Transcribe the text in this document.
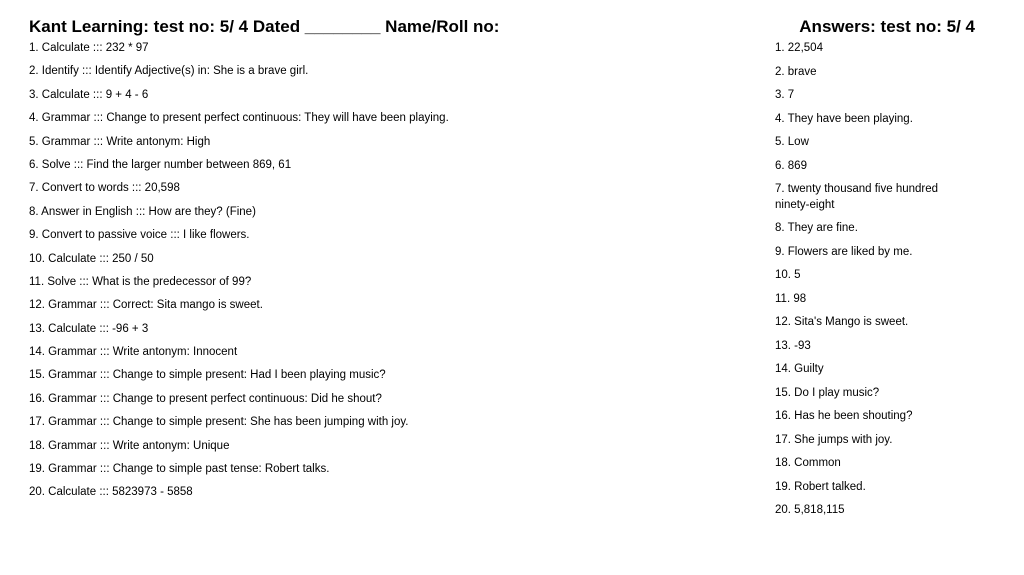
Kant Learning: test no: 5/ 4 Dated ________ Name/Roll no:
1. Calculate ::: 232 * 97
2. Identify ::: Identify Adjective(s) in: She is a brave girl.
3. Calculate ::: 9 + 4 - 6
4. Grammar ::: Change to present perfect continuous: They will have been playing.
5. Grammar ::: Write antonym: High
6. Solve ::: Find the larger number between 869, 61
7. Convert to words ::: 20,598
8. Answer in English ::: How are they? (Fine)
9. Convert to passive voice ::: I like flowers.
10. Calculate ::: 250 / 50
11. Solve ::: What is the predecessor of 99?
12. Grammar ::: Correct: Sita mango is sweet.
13. Calculate ::: -96 + 3
14. Grammar ::: Write antonym: Innocent
15. Grammar ::: Change to simple present: Had I been playing music?
16. Grammar ::: Change to present perfect continuous: Did he shout?
17. Grammar ::: Change to simple present: She has been jumping with joy.
18. Grammar ::: Write antonym: Unique
19. Grammar ::: Change to simple past tense: Robert talks.
20. Calculate ::: 5823973 - 5858
Answers: test no: 5/ 4
1. 22,504
2. brave
3. 7
4. They have been playing.
5. Low
6. 869
7. twenty thousand five hundred ninety-eight
8. They are fine.
9. Flowers are liked by me.
10. 5
11. 98
12. Sita's Mango is sweet.
13. -93
14. Guilty
15. Do I play music?
16. Has he been shouting?
17. She jumps with joy.
18. Common
19. Robert talked.
20. 5,818,115
